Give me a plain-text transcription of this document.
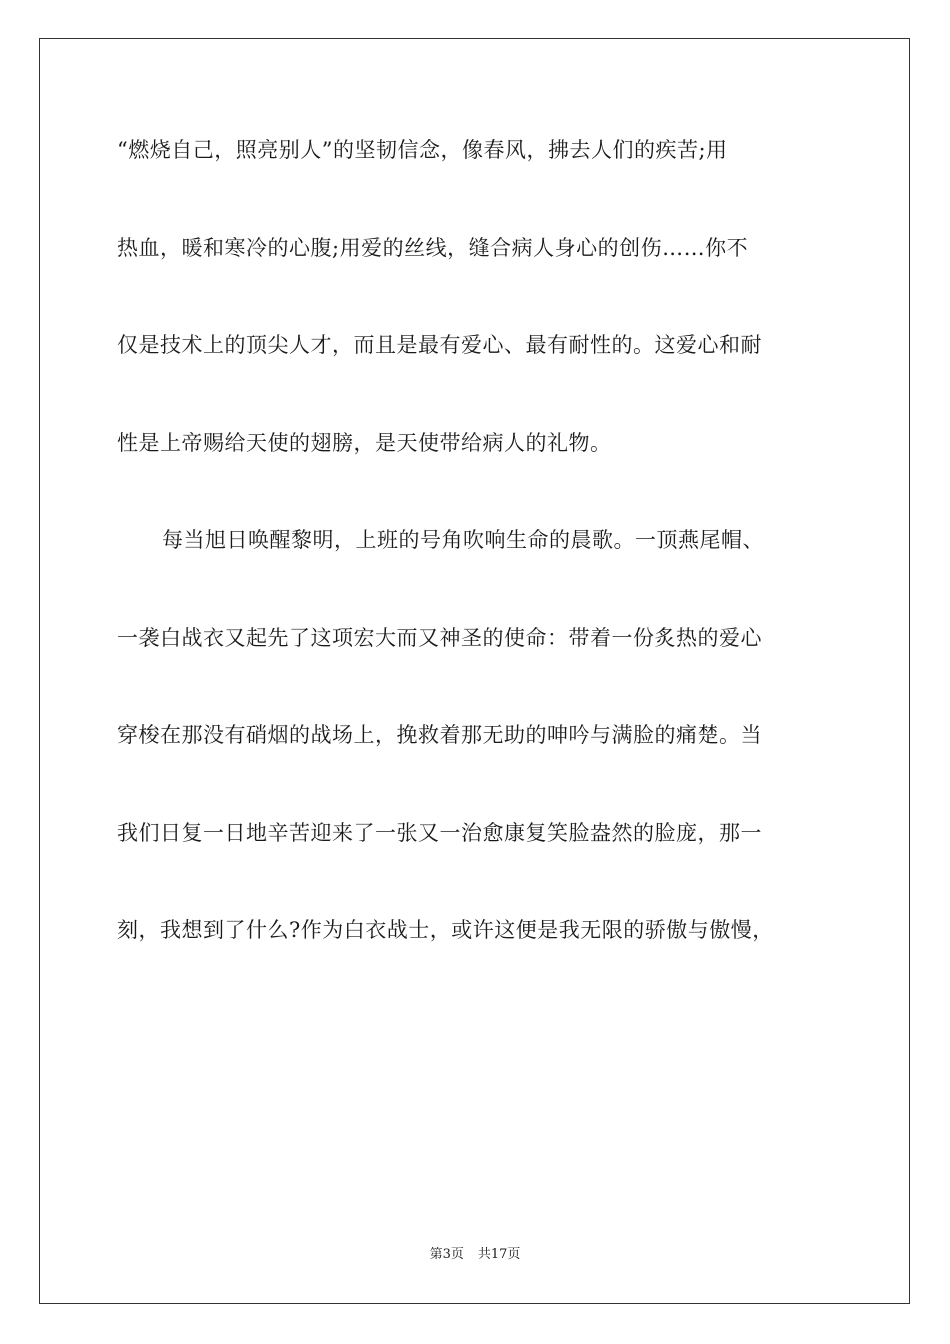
“燃烧自己，照亮别人”的坚韧信念，像春风，拂去人们的疾苦;用
热血，暖和寒冷的心腹;用爱的丝线，缝合病人身心的创伤……你不
仅是技术上的顶尖人才，而且是最有爱心、最有耐性的。这爱心和耐
性是上帝赐给天使的翅膀，是天使带给病人的礼物。
每当旭日唤醒黎明，上班的号角吹响生命的晨歌。一顶燕尾帽、
一袭白战衣又起先了这项宏大而又神圣的使命：带着一份炙热的爱心
穿梭在那没有硝烟的战场上，挽救着那无助的呻吟与满脸的痛楚。当
我们日复一日地辛苦迎来了一张又一治愈康复笑脸盎然的脸庞，那一
刻，我想到了什么?作为白衣战士，或许这便是我无限的骄傲与傲慢，
第3页 共17页
